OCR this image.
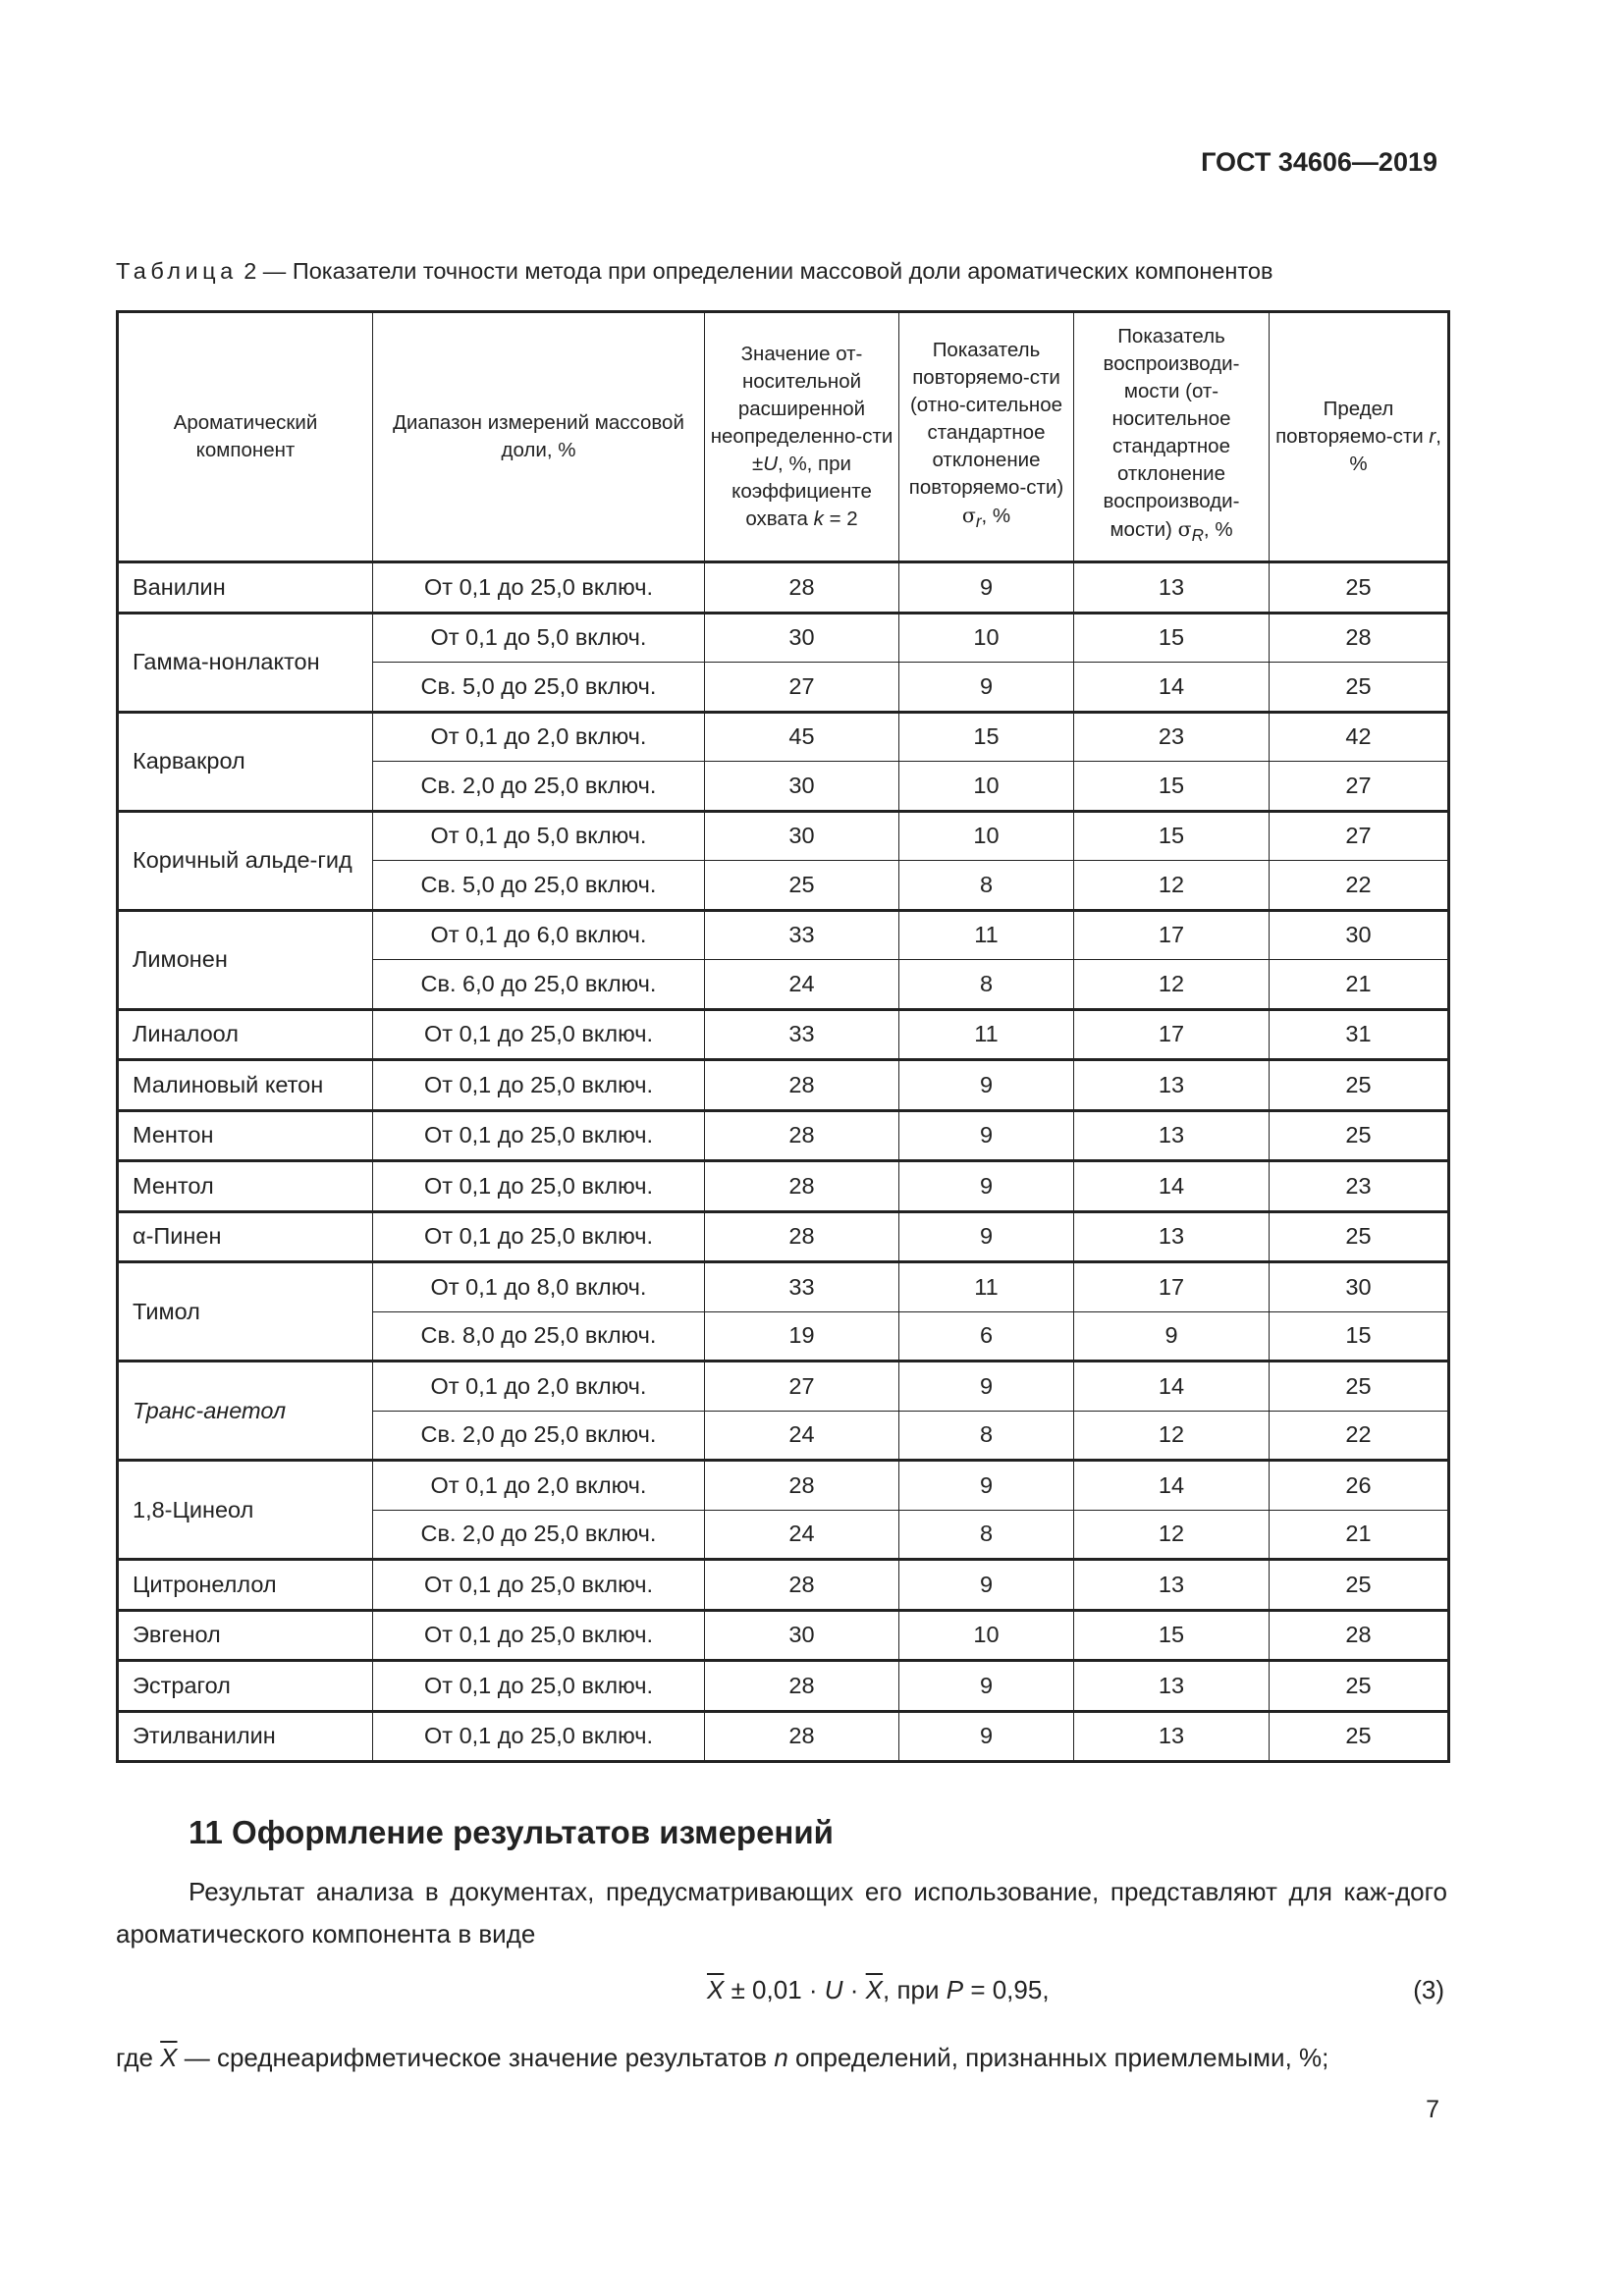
ГОСТ 34606—2019
Таблица 2 — Показатели точности метода при определении массовой доли ароматических компонентов
Ароматический компонент	Диапазон измерений массовой доли, %	Значение от-носительной расширенной неопределенно-сти ±U, %, при коэффициенте охвата k = 2	Показатель повторяемо-сти (отно-сительное стандартное отклонение повторяемо-сти) $\sigma_r$, %	Показатель воспроизводи-мости (от-носительное стандартное отклонение воспроизводи-мости) $\sigma_R$, %	Предел повторяемо-сти r, %
Ванилин	От 0,1 до 25,0 включ.	28	9	13	25
Гамма-нонлактон	От 0,1 до 5,0 включ.	30	10	15	28
	Св. 5,0 до 25,0 включ.	27	9	14	25
Карвакрол	От 0,1 до 2,0 включ.	45	15	23	42
	Св. 2,0 до 25,0 включ.	30	10	15	27
Коричный альде-гид	От 0,1 до 5,0 включ.	30	10	15	27
	Св. 5,0 до 25,0 включ.	25	8	12	22
Лимонен	От 0,1 до 6,0 включ.	33	11	17	30
	Св. 6,0 до 25,0 включ.	24	8	12	21
Линалоол	От 0,1 до 25,0 включ.	33	11	17	31
Малиновый кетон	От 0,1 до 25,0 включ.	28	9	13	25
Ментон	От 0,1 до 25,0 включ.	28	9	13	25
Ментол	От 0,1 до 25,0 включ.	28	9	14	23
α-Пинен	От 0,1 до 25,0 включ.	28	9	13	25
Тимол	От 0,1 до 8,0 включ.	33	11	17	30
	Св. 8,0 до 25,0 включ.	19	6	9	15
Транс-анетол	От 0,1 до 2,0 включ.	27	9	14	25
	Св. 2,0 до 25,0 включ.	24	8	12	22
1,8-Цинеол	От 0,1 до 2,0 включ.	28	9	14	26
	Св. 2,0 до 25,0 включ.	24	8	12	21
Цитронеллол	От 0,1 до 25,0 включ.	28	9	13	25
Эвгенол	От 0,1 до 25,0 включ.	30	10	15	28
Эстрагол	От 0,1 до 25,0 включ.	28	9	13	25
Этилванилин	От 0,1 до 25,0 включ.	28	9	13	25
11 Оформление результатов измерений

Результат анализа в документах, предусматривающих его использование, представляют для каж-дого ароматического компонента в виде

$\overline{X} \pm 0,01 \cdot U \cdot \overline{X}$, при P = 0,95,	(3)
где $\overline{X}$ — среднеарифметическое значение результатов n определений, признанных приемлемыми, %;
7
